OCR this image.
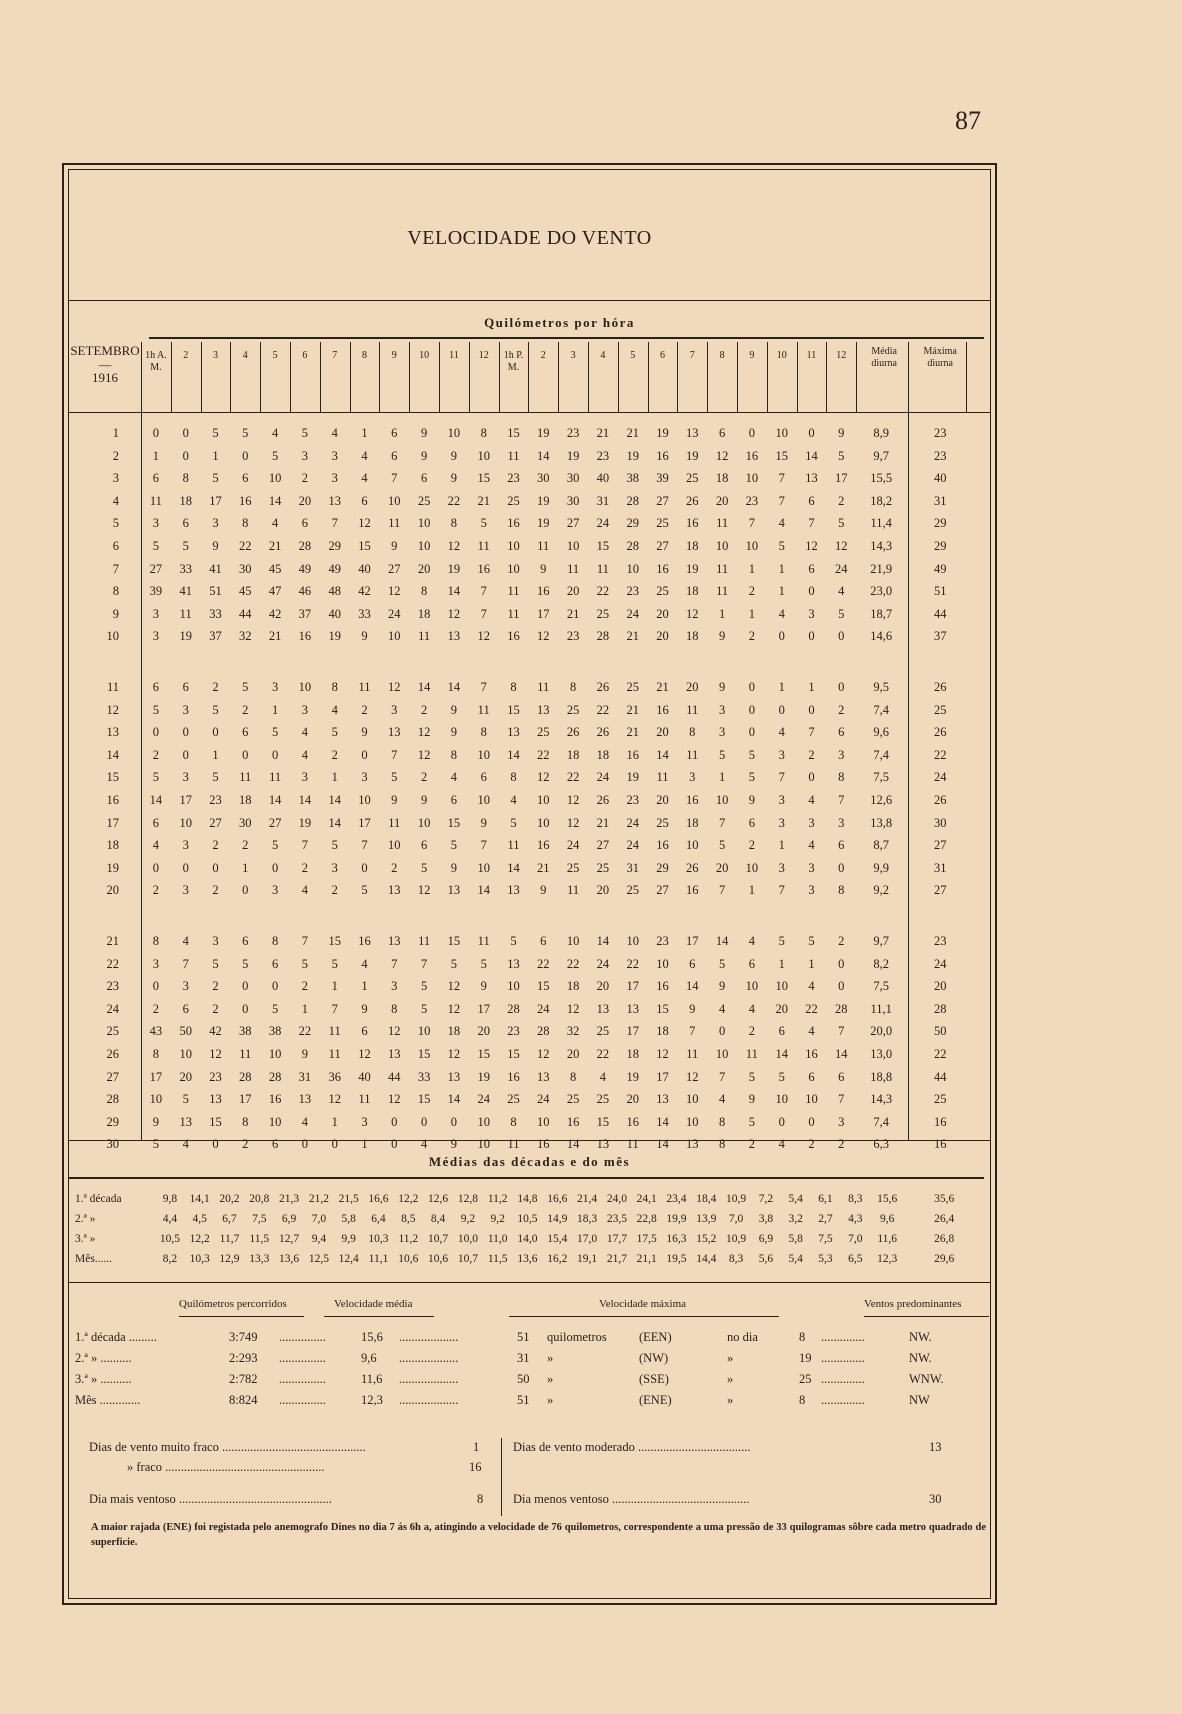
87
VELOCIDADE DO VENTO
Quilómetros por hóra
SETEMBRO
—
1916
1h A. M.
2	3	4	5	6	7	8	9	10	11	12	1h P. M.
2	3	4	5	6	7	8	9	10	11	12	Média diurna
Máxima diurna
1	0	0	5	5	4	5	4	1	6	9	10	8	15	19	23	21	21	19	13	6	0	10	0	9	8,9	23
2	1	0	1	0	5	3	3	4	6	9	9	10	11	14	19	23	19	16	19	12	16	15	14	5	9,7	23
3	6	8	5	6	10	2	3	4	7	6	9	15	23	30	30	40	38	39	25	18	10	7	13	17	15,5	40
4	11	18	17	16	14	20	13	6	10	25	22	21	25	19	30	31	28	27	26	20	23	7	6	2	18,2	31
5	3	6	3	8	4	6	7	12	11	10	8	5	16	19	27	24	29	25	16	11	7	4	7	5	11,4	29
6	5	5	9	22	21	28	29	15	9	10	12	11	10	11	10	15	28	27	18	10	10	5	12	12	14,3	29
7	27	33	41	30	45	49	49	40	27	20	19	16	10	9	11	11	10	16	19	11	1	1	6	24	21,9	49
8	39	41	51	45	47	46	48	42	12	8	14	7	11	16	20	22	23	25	18	11	2	1	0	4	23,0	51
9	3	11	33	44	42	37	40	33	24	18	12	7	11	17	21	25	24	20	12	1	1	4	3	5	18,7	44
10	3	19	37	32	21	16	19	9	10	11	13	12	16	12	23	28	21	20	18	9	2	0	0	0	14,6	37
11	6	6	2	5	3	10	8	11	12	14	14	7	8	11	8	26	25	21	20	9	0	1	1	0	9,5	26
12	5	3	5	2	1	3	4	2	3	2	9	11	15	13	25	22	21	16	11	3	0	0	0	2	7,4	25
13	0	0	0	6	5	4	5	9	13	12	9	8	13	25	26	26	21	20	8	3	0	4	7	6	9,6	26
14	2	0	1	0	0	4	2	0	7	12	8	10	14	22	18	18	16	14	11	5	5	3	2	3	7,4	22
15	5	3	5	11	11	3	1	3	5	2	4	6	8	12	22	24	19	11	3	1	5	7	0	8	7,5	24
16	14	17	23	18	14	14	14	10	9	9	6	10	4	10	12	26	23	20	16	10	9	3	4	7	12,6	26
17	6	10	27	30	27	19	14	17	11	10	15	9	5	10	12	21	24	25	18	7	6	3	3	3	13,8	30
18	4	3	2	2	5	7	5	7	10	6	5	7	11	16	24	27	24	16	10	5	2	1	4	6	8,7	27
19	0	0	0	1	0	2	3	0	2	5	9	10	14	21	25	25	31	29	26	20	10	3	3	0	9,9	31
20	2	3	2	0	3	4	2	5	13	12	13	14	13	9	11	20	25	27	16	7	1	7	3	8	9,2	27
21	8	4	3	6	8	7	15	16	13	11	15	11	5	6	10	14	10	23	17	14	4	5	5	2	9,7	23
22	3	7	5	5	6	5	5	4	7	7	5	5	13	22	22	24	22	10	6	5	6	1	1	0	8,2	24
23	0	3	2	0	0	2	1	1	3	5	12	9	10	15	18	20	17	16	14	9	10	10	4	0	7,5	20
24	2	6	2	0	5	1	7	9	8	5	12	17	28	24	12	13	13	15	9	4	4	20	22	28	11,1	28
25	43	50	42	38	38	22	11	6	12	10	18	20	23	28	32	25	17	18	7	0	2	6	4	7	20,0	50
26	8	10	12	11	10	9	11	12	13	15	12	15	15	12	20	22	18	12	11	10	11	14	16	14	13,0	22
27	17	20	23	28	28	31	36	40	44	33	13	19	16	13	8	4	19	17	12	7	5	5	6	6	18,8	44
28	10	5	13	17	16	13	12	11	12	15	14	24	25	24	25	25	20	13	10	4	9	10	10	7	14,3	25
29	9	13	15	8	10	4	1	3	0	0	0	10	8	10	16	15	16	14	10	8	5	0	0	3	7,4	16
30	5	4	0	2	6	0	0	1	0	4	9	10	11	16	14	13	11	14	13	8	2	4	2	2	6,3	16
Médias das décadas e do mês
1.ª década	9,8	14,1 20,2 20,8 21,3 21,2 21,5 16,6 12,2 12,6 12,8 11,2 14,8 16,6 21,4 24,0 24,1 23,4 18,4 10,9	7,2	5,4	6,1	8,3	15,6	35,6
2.ª »	4,4	4,5	6,7	7,5	6,9	7,0	5,8	6,4	8,5	8,4	9,2	9,2	10,5 14,9 18,3 23,5 22,8 19,9 13,9	7,0	3,8	3,2	2,7	4,3	9,6	26,4
3.ª »	10,5 12,2 11,7 11,5 12,7	9,4	9,9	10,3 11,2 10,7 10,0 11,0 14,0 15,4 17,0 17,7 17,5 16,3 15,2 10,9	6,9	5,8	7,5	7,0	11,6	26,8
Mês......	8,2	10,3 12,9 13,3 13,6 12,5 12,4 11,1 10,6 10,6 10,7 11,5 13,6 16,2 19,1 21,7 21,1 19,5 14,4	8,3	5,6	5,4	5,3	6,5	12,3	29,6
Quilómetros percorridos	Velocidade média	Velocidade máxima	Ventos predominantes
1.ª década .........	3:749 ...............	15,6 ...................	51 quilometros	(EEN)	no dia	8 ..............	NW.
2.ª » ..........	2:293 ...............	9,6 ...................	31 »	(NW)	»	19 ..............	NW.
3.ª » ..........	2:782 ...............	11,6 ...................	50 »	(SSE)	»	25 ..............	WNW.
Mês .............	8:824 ...............	12,3 ...................	51 »	(ENE)	»	8 ..............	NW
Dias de vento muito fraco ..............................................	1
» fraco ...................................................	16
Dias de vento moderado ....................................	13
Dia mais ventoso .................................................	8 Dia menos ventoso ............................................	30
A maior rajada (ENE) foi registada pelo anemografo Dines no dia 7 ás 6h a, atingindo a velocidade de 76 quilometros, correspondente a uma pressão de 33 quilogramas sôbre cada metro quadrado de superficie.
